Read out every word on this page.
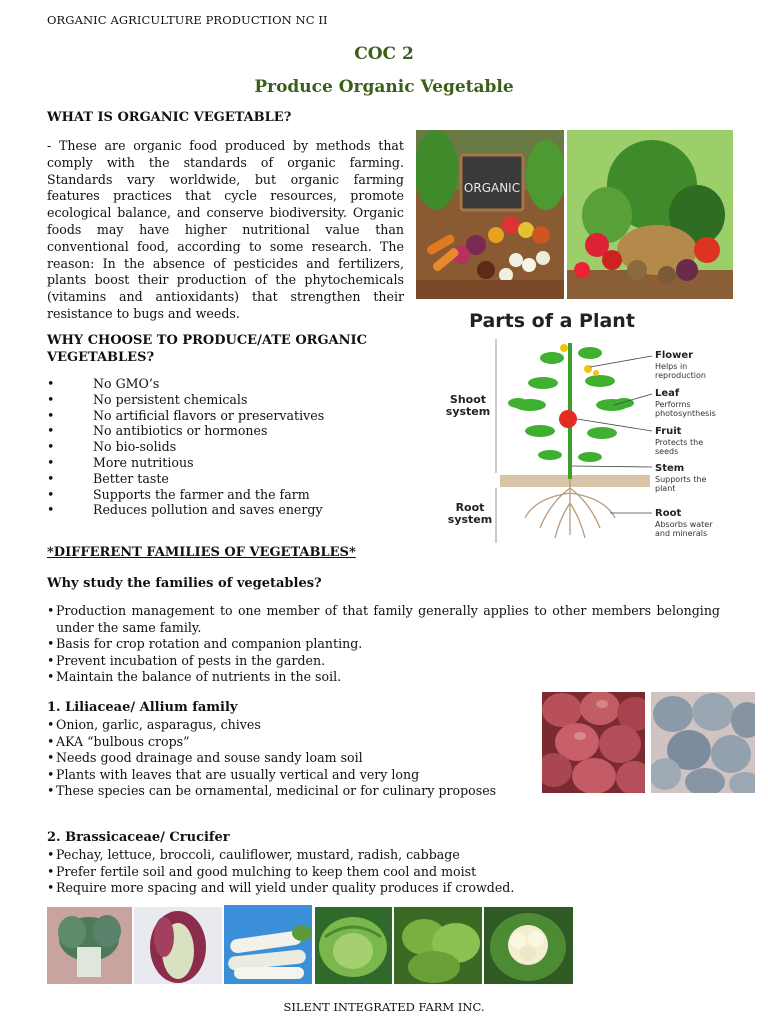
ORGANIC AGRICULTURE PRODUCTION NC II
COC 2
Produce Organic Vegetable
WHAT IS ORGANIC VEGETABLE?
- These are organic food produced by methods that comply with the standards of organic farming. Standards vary worldwide, but organic farming features practices that cycle resources, promote ecological balance, and conserve biodiversity. Organic foods may have higher nutritional value than conventional food, according to some research. The reason: In the absence of pesticides and fertilizers, plants boost their production of the phytochemicals (vitamins and antioxidants) that strengthen their resistance to bugs and weeds.
ORGANIC
WHY CHOOSE TO PRODUCE/ATE ORGANIC
VEGETABLES?
•	No GMO’s
•	No persistent chemicals
•	No artificial flavors or preservatives
•	No antibiotics or hormones
•	No bio-solids
•	More nutritious
•	Better taste
•	Supports the farmer and the farm
•	Reduces pollution and saves energy
Parts of a Plant
Shoot
system
Root
system
Flower
Helps in
reproduction
Leaf
Performs
photosynthesis
Fruit
Protects the
seeds
Stem
Supports the
plant
Root
Absorbs water
and minerals
*DIFFERENT FAMILIES OF VEGETABLES*
Why study the families of vegetables?
• Production management to one member of that family generally applies to other members belonging under the same family.
• Basis for crop rotation and companion planting.
• Prevent incubation of pests in the garden.
• Maintain the balance of nutrients in the soil.
1. Liliaceae/ Allium family
• Onion, garlic, asparagus, chives
• AKA “bulbous crops”
• Needs good drainage and souse sandy loam soil
• Plants with leaves that are usually vertical and very long
• These species can be ornamental, medicinal or for culinary proposes
2. Brassicaceae/ Crucifer
• Pechay, lettuce, broccoli, cauliflower, mustard, radish, cabbage
• Prefer fertile soil and good mulching to keep them cool and moist
• Require more spacing and will yield under quality produces if crowded.
SILENT INTEGRATED FARM INC.
